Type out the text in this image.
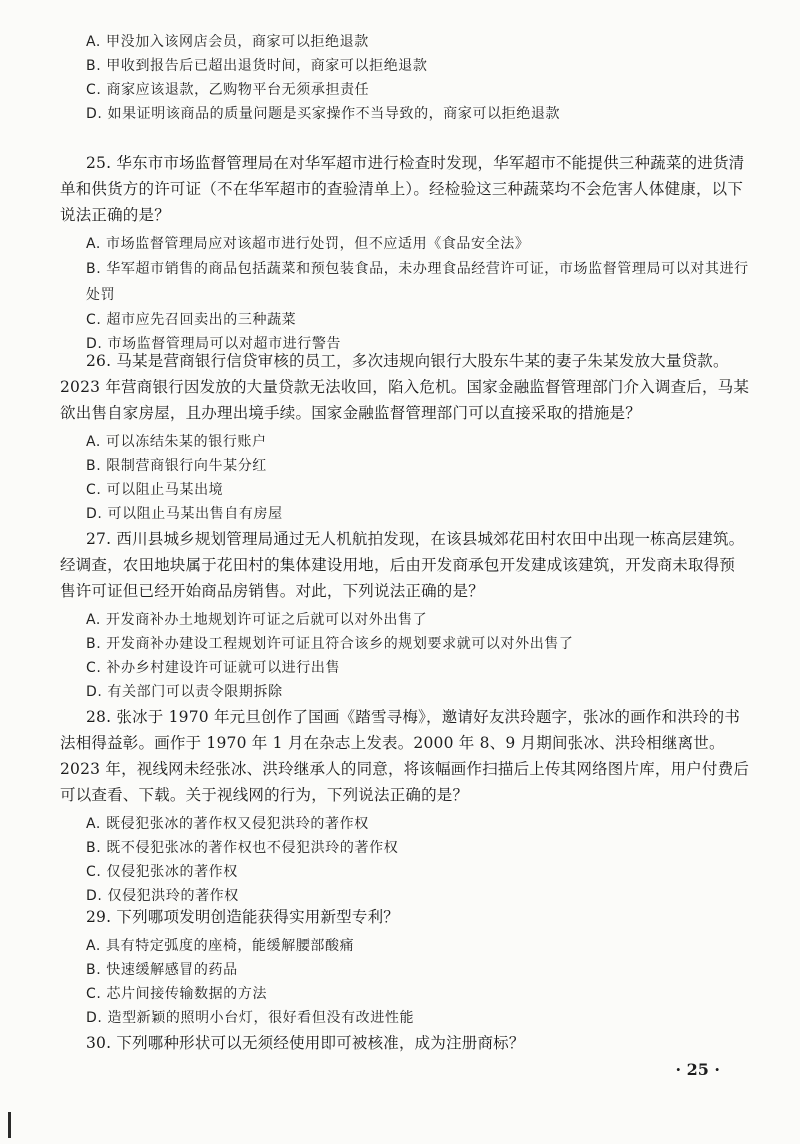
A. 甲没加入该网店会员，商家可以拒绝退款
B. 甲收到报告后已超出退货时间，商家可以拒绝退款
C. 商家应该退款，乙购物平台无须承担责任
D. 如果证明该商品的质量问题是买家操作不当导致的，商家可以拒绝退款

25. 华东市市场监督管理局在对华军超市进行检查时发现，华军超市不能提供三种蔬菜的进货清单和供货方的许可证（不在华军超市的查验清单上）。经检验这三种蔬菜均不会危害人体健康，以下说法正确的是？

A. 市场监督管理局应对该超市进行处罚，但不应适用《食品安全法》
B. 华军超市销售的商品包括蔬菜和预包装食品，未办理食品经营许可证，市场监督管理局可以对其进行处罚
C. 超市应先召回卖出的三种蔬菜
D. 市场监督管理局可以对超市进行警告

26. 马某是营商银行信贷审核的员工，多次违规向银行大股东牛某的妻子朱某发放大量贷款。2023 年营商银行因发放的大量贷款无法收回，陷入危机。国家金融监督管理部门介入调查后，马某欲出售自家房屋，且办理出境手续。国家金融监督管理部门可以直接采取的措施是？

A. 可以冻结朱某的银行账户
B. 限制营商银行向牛某分红
C. 可以阻止马某出境
D. 可以阻止马某出售自有房屋

27. 西川县城乡规划管理局通过无人机航拍发现，在该县城郊花田村农田中出现一栋高层建筑。经调查，农田地块属于花田村的集体建设用地，后由开发商承包开发建成该建筑，开发商未取得预售许可证但已经开始商品房销售。对此，下列说法正确的是？

A. 开发商补办土地规划许可证之后就可以对外出售了
B. 开发商补办建设工程规划许可证且符合该乡的规划要求就可以对外出售了
C. 补办乡村建设许可证就可以进行出售
D. 有关部门可以责令限期拆除

28. 张冰于 1970 年元旦创作了国画《踏雪寻梅》，邀请好友洪玲题字，张冰的画作和洪玲的书法相得益彰。画作于 1970 年 1 月在杂志上发表。2000 年 8、9 月期间张冰、洪玲相继离世。2023 年，视线网未经张冰、洪玲继承人的同意，将该幅画作扫描后上传其网络图片库，用户付费后可以查看、下载。关于视线网的行为，下列说法正确的是？

A. 既侵犯张冰的著作权又侵犯洪玲的著作权
B. 既不侵犯张冰的著作权也不侵犯洪玲的著作权
C. 仅侵犯张冰的著作权
D. 仅侵犯洪玲的著作权

29. 下列哪项发明创造能获得实用新型专利？

A. 具有特定弧度的座椅，能缓解腰部酸痛
B. 快速缓解感冒的药品
C. 芯片间接传输数据的方法
D. 造型新颖的照明小台灯，很好看但没有改进性能

30. 下列哪种形状可以无须经使用即可被核准，成为注册商标？

· 25 ·
